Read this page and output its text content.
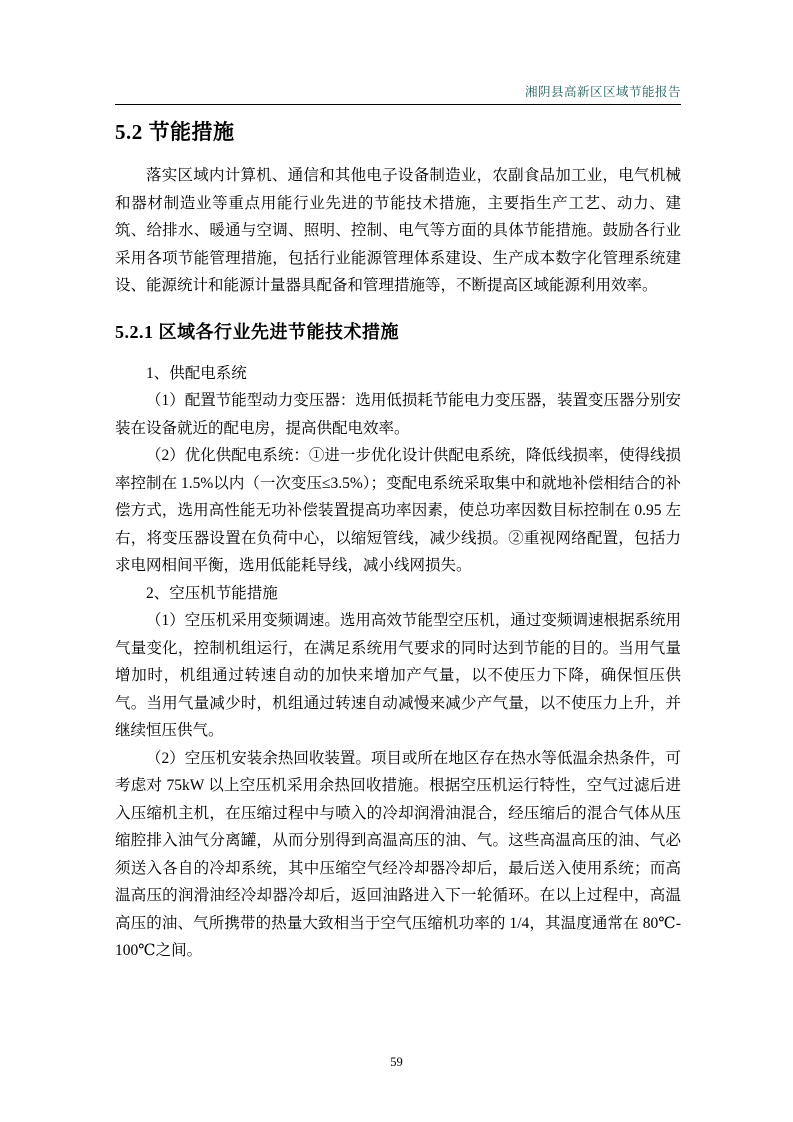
湘阴县高新区区域节能报告
5.2 节能措施

落实区域内计算机、通信和其他电子设备制造业，农副食品加工业，电气机械和器材制造业等重点用能行业先进的节能技术措施，主要指生产工艺、动力、建筑、给排水、暖通与空调、照明、控制、电气等方面的具体节能措施。鼓励各行业采用各项节能管理措施，包括行业能源管理体系建设、生产成本数字化管理系统建设、能源统计和能源计量器具配备和管理措施等，不断提高区域能源利用效率。

5.2.1 区域各行业先进节能技术措施

1、供配电系统

（1）配置节能型动力变压器：选用低损耗节能电力变压器，装置变压器分别安装在设备就近的配电房，提高供配电效率。

（2）优化供配电系统：①进一步优化设计供配电系统，降低线损率，使得线损率控制在 1.5%以内（一次变压≤3.5%）；变配电系统采取集中和就地补偿相结合的补偿方式，选用高性能无功补偿装置提高功率因素，使总功率因数目标控制在 0.95 左右，将变压器设置在负荷中心，以缩短管线，减少线损。②重视网络配置，包括力求电网相间平衡，选用低能耗导线，减小线网损失。

2、空压机节能措施

（1）空压机采用变频调速。选用高效节能型空压机，通过变频调速根据系统用气量变化，控制机组运行，在满足系统用气要求的同时达到节能的目的。当用气量增加时，机组通过转速自动的加快来增加产气量，以不使压力下降，确保恒压供气。当用气量减少时，机组通过转速自动减慢来减少产气量，以不使压力上升，并继续恒压供气。

（2）空压机安装余热回收装置。项目或所在地区存在热水等低温余热条件，可考虑对 75kW 以上空压机采用余热回收措施。根据空压机运行特性，空气过滤后进入压缩机主机，在压缩过程中与喷入的冷却润滑油混合，经压缩后的混合气体从压缩腔排入油气分离罐，从而分别得到高温高压的油、气。这些高温高压的油、气必须送入各自的冷却系统，其中压缩空气经冷却器冷却后，最后送入使用系统；而高温高压的润滑油经冷却器冷却后，返回油路进入下一轮循环。在以上过程中，高温高压的油、气所携带的热量大致相当于空气压缩机功率的 1/4，其温度通常在 80℃-100℃之间。

59
